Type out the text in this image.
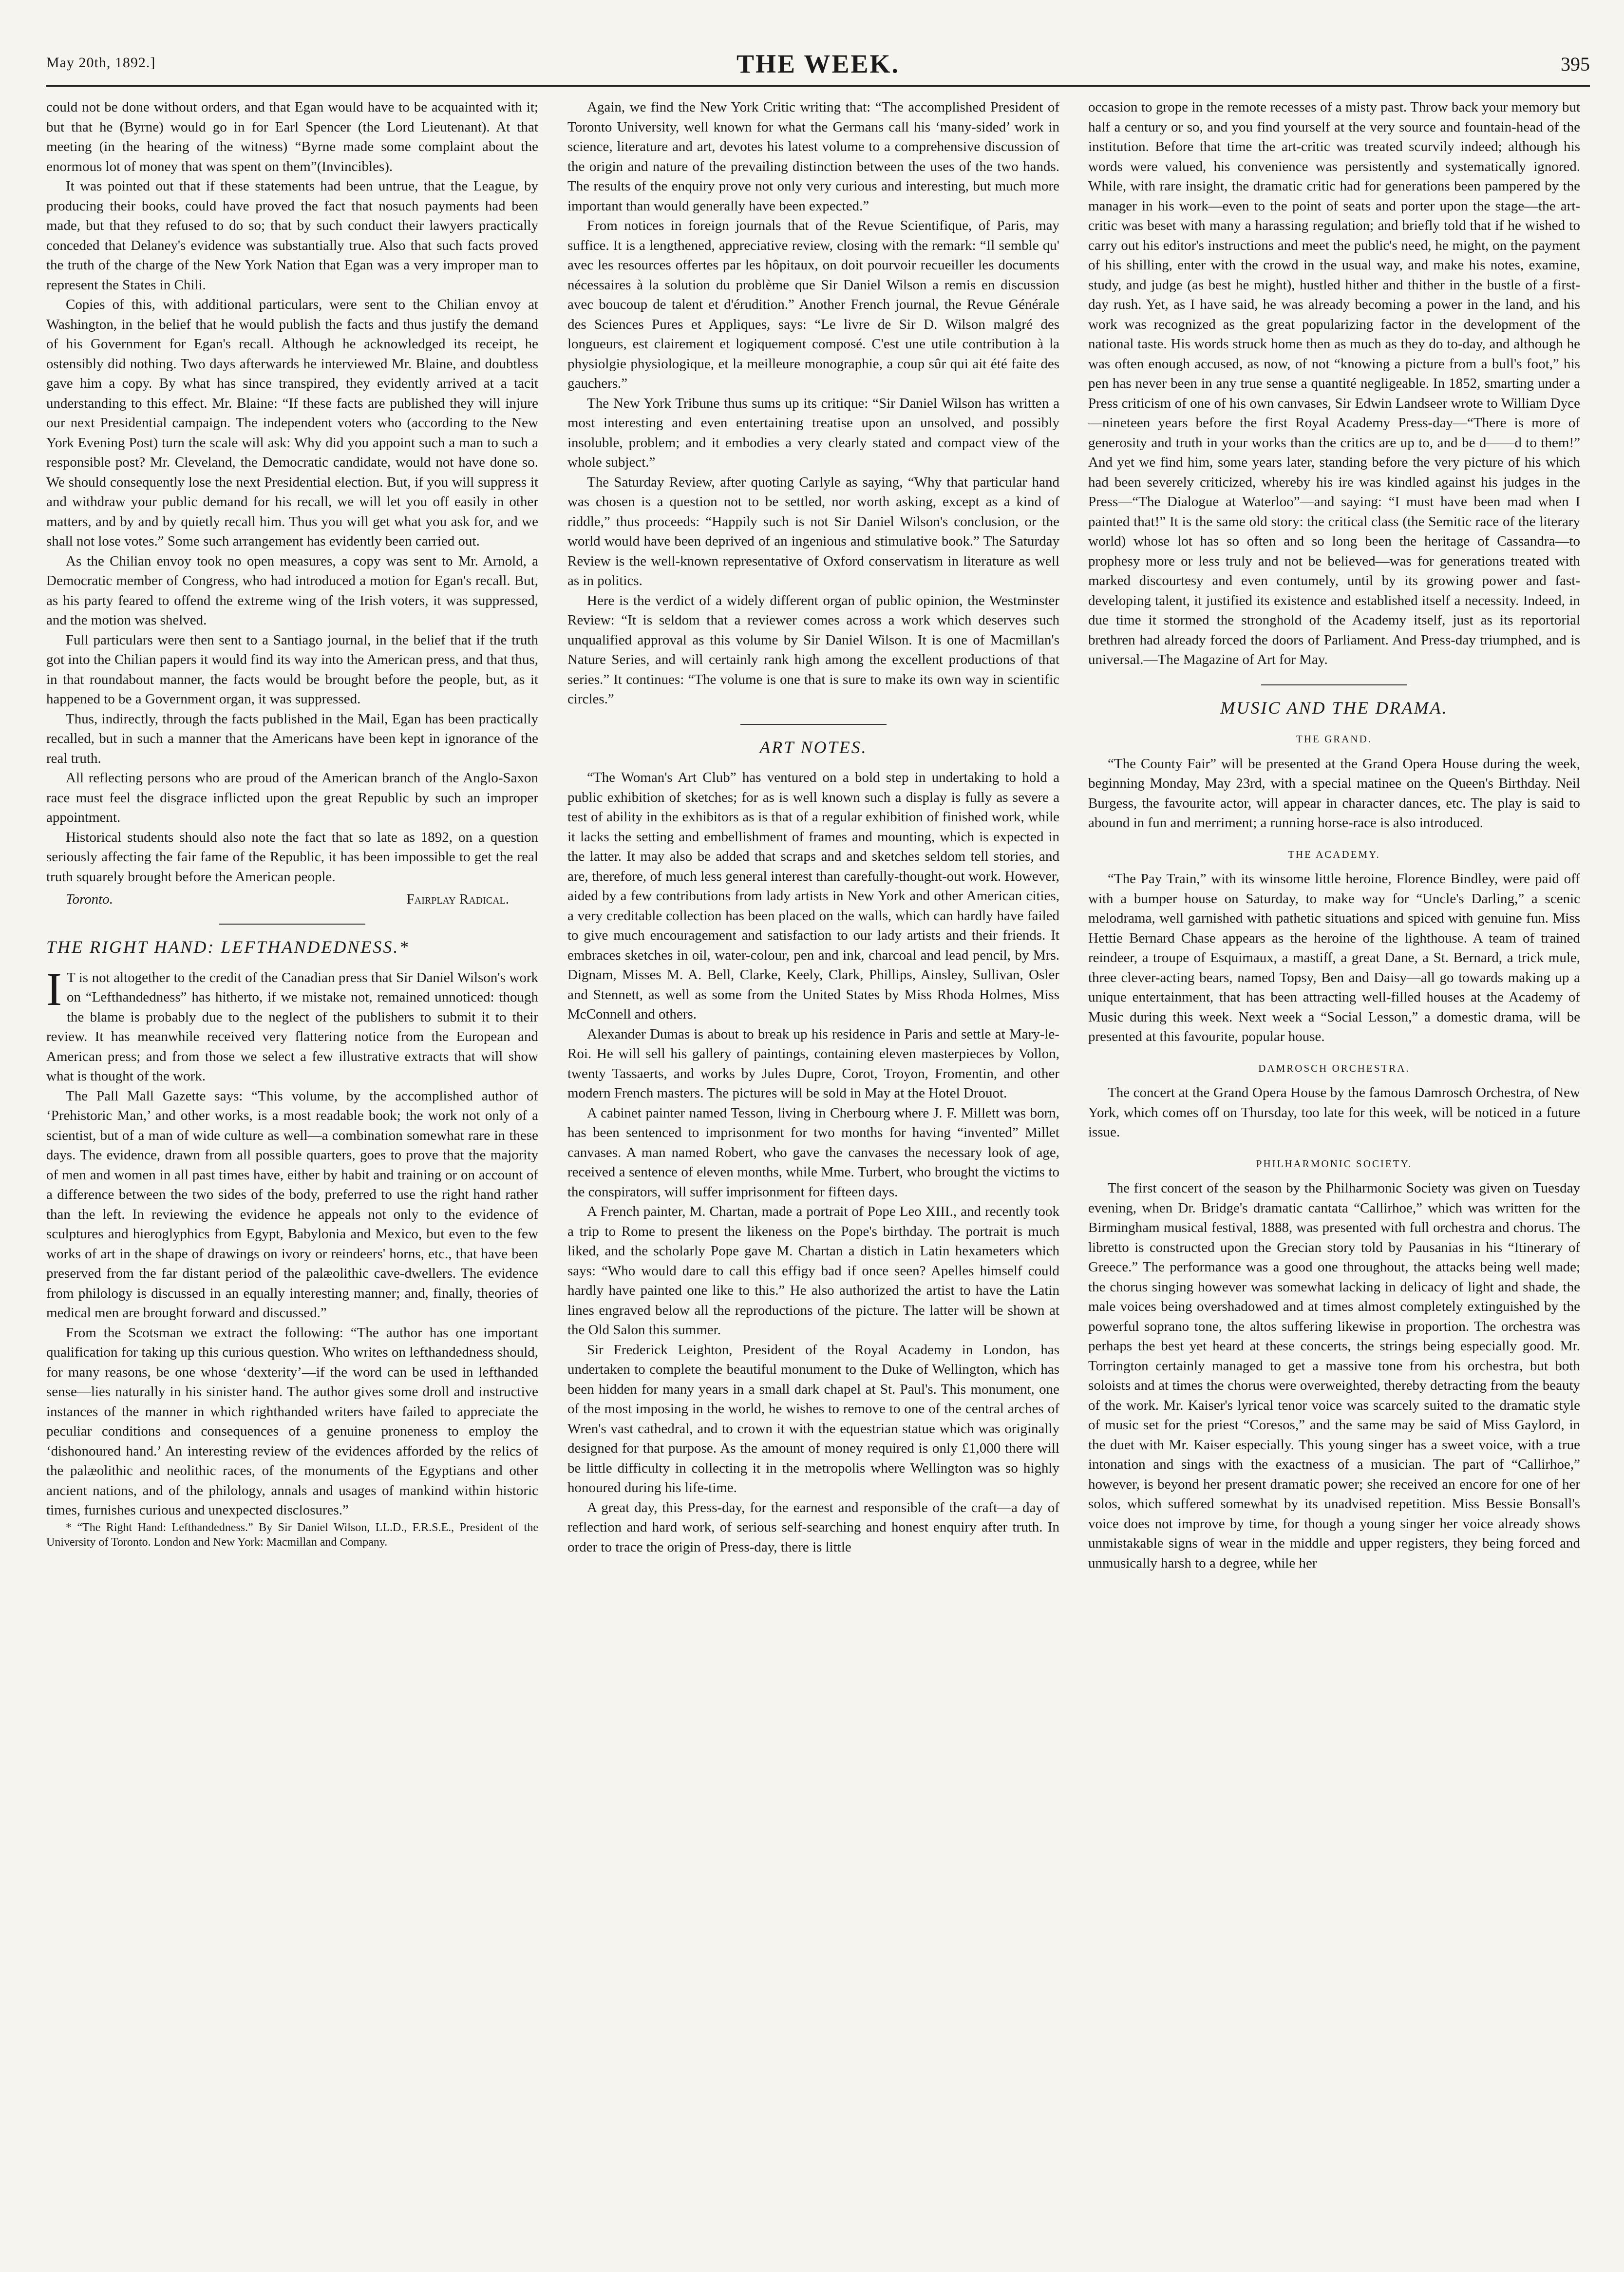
May 20th, 1892.]	THE WEEK.	395

could not be done without orders, and that Egan would have to be acquainted with it; but that he (Byrne) would go in for Earl Spencer (the Lord Lieutenant). At that meeting (in the hearing of the witness) “Byrne made some complaint about the enormous lot of money that was spent on them”(Invincibles).

It was pointed out that if these statements had been untrue, that the League, by producing their books, could have proved the fact that nosuch payments had been made, but that they refused to do so; that by such conduct their lawyers practically conceded that Delaney's evidence was substantially true. Also that such facts proved the truth of the charge of the New York Nation that Egan was a very improper man to represent the States in Chili.

Copies of this, with additional particulars, were sent to the Chilian envoy at Washington, in the belief that he would publish the facts and thus justify the demand of his Government for Egan's recall. Although he acknowledged its receipt, he ostensibly did nothing. Two days afterwards he interviewed Mr. Blaine, and doubtless gave him a copy. By what has since transpired, they evidently arrived at a tacit understanding to this effect. Mr. Blaine: “If these facts are published they will injure our next Presidential campaign. The independent voters who (according to the New York Evening Post) turn the scale will ask: Why did you appoint such a man to such a responsible post? Mr. Cleveland, the Democratic candidate, would not have done so. We should consequently lose the next Presidential election. But, if you will suppress it and withdraw your public demand for his recall, we will let you off easily in other matters, and by and by quietly recall him. Thus you will get what you ask for, and we shall not lose votes.” Some such arrangement has evidently been carried out.

As the Chilian envoy took no open measures, a copy was sent to Mr. Arnold, a Democratic member of Congress, who had introduced a motion for Egan's recall. But, as his party feared to offend the extreme wing of the Irish voters, it was suppressed, and the motion was shelved.

Full particulars were then sent to a Santiago journal, in the belief that if the truth got into the Chilian papers it would find its way into the American press, and that thus, in that roundabout manner, the facts would be brought before the people, but, as it happened to be a Government organ, it was suppressed.

Thus, indirectly, through the facts published in the Mail, Egan has been practically recalled, but in such a manner that the Americans have been kept in ignorance of the real truth.

All reflecting persons who are proud of the American branch of the Anglo-Saxon race must feel the disgrace inflicted upon the great Republic by such an improper appointment.

Historical students should also note the fact that so late as 1892, on a question seriously affecting the fair fame of the Republic, it has been impossible to get the real truth squarely brought before the American people.

Toronto.	Fairplay Radical.
THE RIGHT HAND: LEFTHANDEDNESS.*

I T is not altogether to the credit of the Canadian press that Sir Daniel Wilson's work on “Lefthandedness” has hitherto, if we mistake not, remained unnoticed: though the blame is probably due to the neglect of the publishers to submit it to their review. It has meanwhile received very flattering notice from the European and American press; and from those we select a few illustrative extracts that will show what is thought of the work.

The Pall Mall Gazette says: “This volume, by the accomplished author of ‘Prehistoric Man,’ and other works, is a most readable book; the work not only of a scientist, but of a man of wide culture as well—a combination somewhat rare in these days. The evidence, drawn from all possible quarters, goes to prove that the majority of men and women in all past times have, either by habit and training or on account of a difference between the two sides of the body, preferred to use the right hand rather than the left. In reviewing the evidence he appeals not only to the evidence of sculptures and hieroglyphics from Egypt, Babylonia and Mexico, but even to the few works of art in the shape of drawings on ivory or reindeers' horns, etc., that have been preserved from the far distant period of the palæolithic cave-dwellers. The evidence from philology is discussed in an equally interesting manner; and, finally, theories of medical men are brought forward and discussed.”

From the Scotsman we extract the following: “The author has one important qualification for taking up this curious question. Who writes on lefthandedness should, for many reasons, be one whose ‘dexterity’—if the word can be used in lefthanded sense—lies naturally in his sinister hand. The author gives some droll and instructive instances of the manner in which righthanded writers have failed to appreciate the peculiar conditions and consequences of a genuine proneness to employ the ‘dishonoured hand.’ An interesting review of the evidences afforded by the relics of the palæolithic and neolithic races, of the monuments of the Egyptians and other ancient nations, and of the philology, annals and usages of mankind within historic times, furnishes curious and unexpected disclosures.”

* “The Right Hand: Lefthandedness.” By Sir Daniel Wilson, LL.D., F.R.S.E., President of the University of Toronto. London and New York: Macmillan and Company.

Again, we find the New York Critic writing that: “The accomplished President of Toronto University, well known for what the Germans call his ‘many-sided’ work in science, literature and art, devotes his latest volume to a comprehensive discussion of the origin and nature of the prevailing distinction between the uses of the two hands. The results of the enquiry prove not only very curious and interesting, but much more important than would generally have been expected.”

From notices in foreign journals that of the Revue Scientifique, of Paris, may suffice. It is a lengthened, appreciative review, closing with the remark: “Il semble qu' avec les resources offertes par les hôpitaux, on doit pourvoir recueiller les documents nécessaires à la solution du problème que Sir Daniel Wilson a remis en discussion avec boucoup de talent et d'érudition.” Another French journal, the Revue Générale des Sciences Pures et Appliques, says: “Le livre de Sir D. Wilson malgré des longueurs, est clairement et logiquement composé. C'est une utile contribution à la physiolgie physiologique, et la meilleure monographie, a coup sûr qui ait été faite des gauchers.”

The New York Tribune thus sums up its critique: “Sir Daniel Wilson has written a most interesting and even entertaining treatise upon an unsolved, and possibly insoluble, problem; and it embodies a very clearly stated and compact view of the whole subject.”

The Saturday Review, after quoting Carlyle as saying, “Why that particular hand was chosen is a question not to be settled, nor worth asking, except as a kind of riddle,” thus proceeds: “Happily such is not Sir Daniel Wilson's conclusion, or the world would have been deprived of an ingenious and stimulative book.” The Saturday Review is the well-known representative of Oxford conservatism in literature as well as in politics.

Here is the verdict of a widely different organ of public opinion, the Westminster Review: “It is seldom that a reviewer comes across a work which deserves such unqualified approval as this volume by Sir Daniel Wilson. It is one of Macmillan's Nature Series, and will certainly rank high among the excellent productions of that series.” It continues: “The volume is one that is sure to make its own way in scientific circles.”

ART NOTES.

“The Woman's Art Club” has ventured on a bold step in undertaking to hold a public exhibition of sketches; for as is well known such a display is fully as severe a test of ability in the exhibitors as is that of a regular exhibition of finished work, while it lacks the setting and embellishment of frames and mounting, which is expected in the latter. It may also be added that scraps and and sketches seldom tell stories, and are, therefore, of much less general interest than carefully-thought-out work. However, aided by a few contributions from lady artists in New York and other American cities, a very creditable collection has been placed on the walls, which can hardly have failed to give much encouragement and satisfaction to our lady artists and their friends. It embraces sketches in oil, water-colour, pen and ink, charcoal and lead pencil, by Mrs. Dignam, Misses M. A. Bell, Clarke, Keely, Clark, Phillips, Ainsley, Sullivan, Osler and Stennett, as well as some from the United States by Miss Rhoda Holmes, Miss McConnell and others.

Alexander Dumas is about to break up his residence in Paris and settle at Mary-le-Roi. He will sell his gallery of paintings, containing eleven masterpieces by Vollon, twenty Tassaerts, and works by Jules Dupre, Corot, Troyon, Fromentin, and other modern French masters. The pictures will be sold in May at the Hotel Drouot.

A cabinet painter named Tesson, living in Cherbourg where J. F. Millett was born, has been sentenced to imprisonment for two months for having “invented” Millet canvases. A man named Robert, who gave the canvases the necessary look of age, received a sentence of eleven months, while Mme. Turbert, who brought the victims to the conspirators, will suffer imprisonment for fifteen days.

A French painter, M. Chartan, made a portrait of Pope Leo XIII., and recently took a trip to Rome to present the likeness on the Pope's birthday. The portrait is much liked, and the scholarly Pope gave M. Chartan a distich in Latin hexameters which says: “Who would dare to call this effigy bad if once seen? Apelles himself could hardly have painted one like to this.” He also authorized the artist to have the Latin lines engraved below all the reproductions of the picture. The latter will be shown at the Old Salon this summer.

Sir Frederick Leighton, President of the Royal Academy in London, has undertaken to complete the beautiful monument to the Duke of Wellington, which has been hidden for many years in a small dark chapel at St. Paul's. This monument, one of the most imposing in the world, he wishes to remove to one of the central arches of Wren's vast cathedral, and to crown it with the equestrian statue which was originally designed for that purpose. As the amount of money required is only £1,000 there will be little difficulty in collecting it in the metropolis where Wellington was so highly honoured during his life-time.

A great day, this Press-day, for the earnest and responsible of the craft—a day of reflection and hard work, of serious self-searching and honest enquiry after truth. In order to trace the origin of Press-day, there is little

occasion to grope in the remote recesses of a misty past. Throw back your memory but half a century or so, and you find yourself at the very source and fountain-head of the institution. Before that time the art-critic was treated scurvily indeed; although his words were valued, his convenience was persistently and systematically ignored. While, with rare insight, the dramatic critic had for generations been pampered by the manager in his work—even to the point of seats and porter upon the stage—the art-critic was beset with many a harassing regulation; and briefly told that if he wished to carry out his editor's instructions and meet the public's need, he might, on the payment of his shilling, enter with the crowd in the usual way, and make his notes, examine, study, and judge (as best he might), hustled hither and thither in the bustle of a first-day rush. Yet, as I have said, he was already becoming a power in the land, and his work was recognized as the great popularizing factor in the development of the national taste. His words struck home then as much as they do to-day, and although he was often enough accused, as now, of not “knowing a picture from a bull's foot,” his pen has never been in any true sense a quantité negligeable. In 1852, smarting under a Press criticism of one of his own canvases, Sir Edwin Landseer wrote to William Dyce—nineteen years before the first Royal Academy Press-day—“There is more of generosity and truth in your works than the critics are up to, and be d——d to them!” And yet we find him, some years later, standing before the very picture of his which had been severely criticized, whereby his ire was kindled against his judges in the Press—“The Dialogue at Waterloo”—and saying: “I must have been mad when I painted that!” It is the same old story: the critical class (the Semitic race of the literary world) whose lot has so often and so long been the heritage of Cassandra—to prophesy more or less truly and not be believed—was for generations treated with marked discourtesy and even contumely, until by its growing power and fast-developing talent, it justified its existence and established itself a necessity. Indeed, in due time it stormed the stronghold of the Academy itself, just as its reportorial brethren had already forced the doors of Parliament. And Press-day triumphed, and is universal.—The Magazine of Art for May.

MUSIC AND THE DRAMA.
THE GRAND.

“The County Fair” will be presented at the Grand Opera House during the week, beginning Monday, May 23rd, with a special matinee on the Queen's Birthday. Neil Burgess, the favourite actor, will appear in character dances, etc. The play is said to abound in fun and merriment; a running horse-race is also introduced.

THE ACADEMY.

“The Pay Train,” with its winsome little heroine, Florence Bindley, were paid off with a bumper house on Saturday, to make way for “Uncle's Darling,” a scenic melodrama, well garnished with pathetic situations and spiced with genuine fun. Miss Hettie Bernard Chase appears as the heroine of the lighthouse. A team of trained reindeer, a troupe of Esquimaux, a mastiff, a great Dane, a St. Bernard, a trick mule, three clever-acting bears, named Topsy, Ben and Daisy—all go towards making up a unique entertainment, that has been attracting well-filled houses at the Academy of Music during this week. Next week a “Social Lesson,” a domestic drama, will be presented at this favourite, popular house.

DAMROSCH ORCHESTRA.

The concert at the Grand Opera House by the famous Damrosch Orchestra, of New York, which comes off on Thursday, too late for this week, will be noticed in a future issue.

PHILHARMONIC SOCIETY.

The first concert of the season by the Philharmonic Society was given on Tuesday evening, when Dr. Bridge's dramatic cantata “Callirhoe,” which was written for the Birmingham musical festival, 1888, was presented with full orchestra and chorus. The libretto is constructed upon the Grecian story told by Pausanias in his “Itinerary of Greece.” The performance was a good one throughout, the attacks being well made; the chorus singing however was somewhat lacking in delicacy of light and shade, the male voices being overshadowed and at times almost completely extinguished by the powerful soprano tone, the altos suffering likewise in proportion. The orchestra was perhaps the best yet heard at these concerts, the strings being especially good. Mr. Torrington certainly managed to get a massive tone from his orchestra, but both soloists and at times the chorus were overweighted, thereby detracting from the beauty of the work. Mr. Kaiser's lyrical tenor voice was scarcely suited to the dramatic style of music set for the priest “Coresos,” and the same may be said of Miss Gaylord, in the duet with Mr. Kaiser especially. This young singer has a sweet voice, with a true intonation and sings with the exactness of a musician. The part of “Callirhoe,” however, is beyond her present dramatic power; she received an encore for one of her solos, which suffered somewhat by its unadvised repetition. Miss Bessie Bonsall's voice does not improve by time, for though a young singer her voice already shows unmistakable signs of wear in the middle and upper registers, they being forced and unmusically harsh to a degree, while her
